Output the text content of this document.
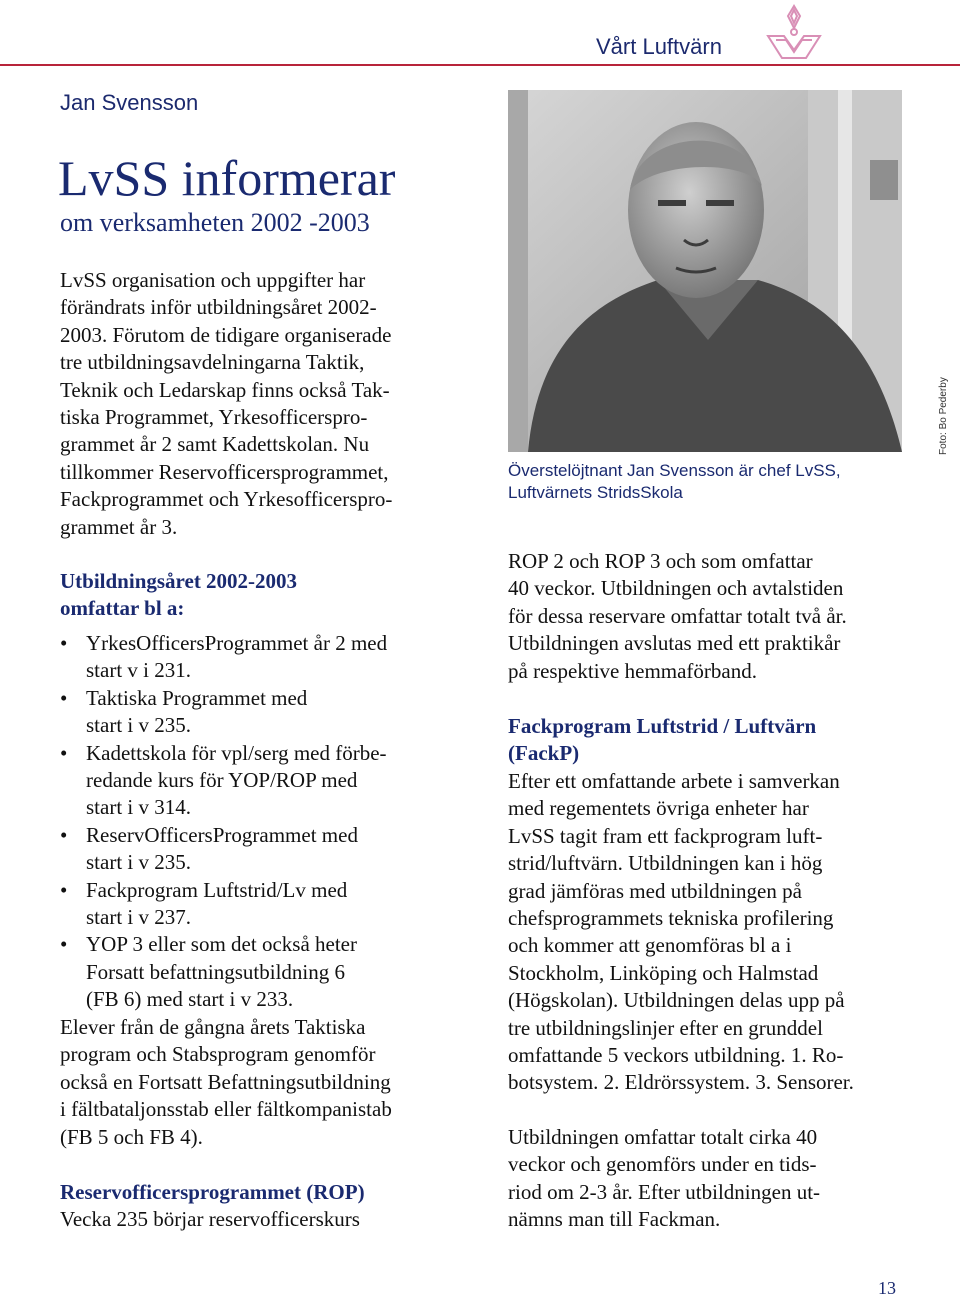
Vårt Luftvärn
Jan Svensson
LvSS informerar
om verksamheten 2002 -2003
LvSS organisation och uppgifter har
förändrats inför utbildningsåret 2002-
2003. Förutom de tidigare organiserade
tre utbildningsavdelningarna Taktik,
Teknik och Ledarskap finns också Tak-
tiska Programmet, Yrkesofficerspro-
grammet år 2 samt Kadettskolan. Nu
tillkommer Reservofficersprogrammet,
Fackprogrammet och Yrkesofficerspro-
grammet år 3.
Utbildningsåret 2002-2003
omfattar bl a:
• YrkesOfficersProgrammet år 2 med
start v i 231.
• Taktiska Programmet med
start i v 235.
• Kadettskola för vpl/serg med förbe-
redande kurs för YOP/ROP med
start i v 314.
• ReservOfficersProgrammet med
start i v 235.
• Fackprogram Luftstrid/Lv med
start i v 237.
• YOP 3 eller som det också heter
Forsatt befattningsutbildning 6
(FB 6) med start i v 233.
Elever från de gångna årets Taktiska
program och Stabsprogram genomför
också en Fortsatt Befattningsutbildning
i fältbataljonsstab eller fältkompanistab
(FB 5 och FB 4).
Reservofficersprogrammet (ROP)
Vecka 235 börjar reservofficerskurs
Foto: Bo Pederby
Överstelöjtnant Jan Svensson är chef LvSS,
Luftvärnets StridsSkola
ROP 2 och ROP 3 och som omfattar
40 veckor. Utbildningen och avtalstiden
för dessa reservare omfattar totalt två år.
Utbildningen avslutas med ett praktikår
på respektive hemmaförband.
Fackprogram Luftstrid / Luftvärn
(FackP)
Efter ett omfattande arbete i samverkan
med regementets övriga enheter har
LvSS tagit fram ett fackprogram luft-
strid/luftvärn. Utbildningen kan i hög
grad jämföras med utbildningen på
chefsprogrammets tekniska profilering
och kommer att genomföras bl a i
Stockholm, Linköping och Halmstad
(Högskolan). Utbildningen delas upp på
tre utbildningslinjer efter en grunddel
omfattande 5 veckors utbildning. 1. Ro-
botsystem. 2. Eldrörssystem. 3. Sensorer.
Utbildningen omfattar totalt cirka 40
veckor och genomförs under en tids-
riod om 2-3 år. Efter utbildningen ut-
nämns man till Fackman.
13
